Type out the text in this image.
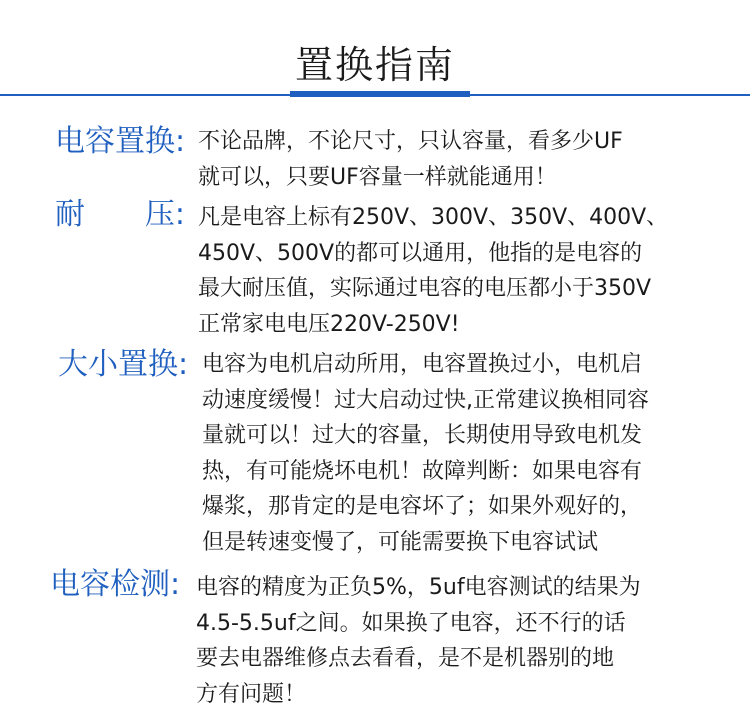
置换指南
电容置换: 不论品牌，不论尺寸，只认容量，看多少UF
就可以，只要UF容量一样就能通用！
耐 压: 凡是电容上标有250V、300V、350V、400V、
450V、500V的都可以通用，他指的是电容的
最大耐压值，实际通过电容的电压都小于350V
正常家电电压220V-250V!
大小置换: 电容为电机启动所用，电容置换过小，电机启
动速度缓慢！过大启动过快,正常建议换相同容
量就可以！过大的容量，长期使用导致电机发
热，有可能烧坏电机！故障判断：如果电容有
爆浆，那肯定的是电容坏了；如果外观好的，
但是转速变慢了，可能需要换下电容试试
电容检测: 电容的精度为正负5%，5uf电容测试的结果为
4.5-5.5uf之间。如果换了电容，还不行的话
要去电器维修点去看看，是不是机器别的地
方有问题！
